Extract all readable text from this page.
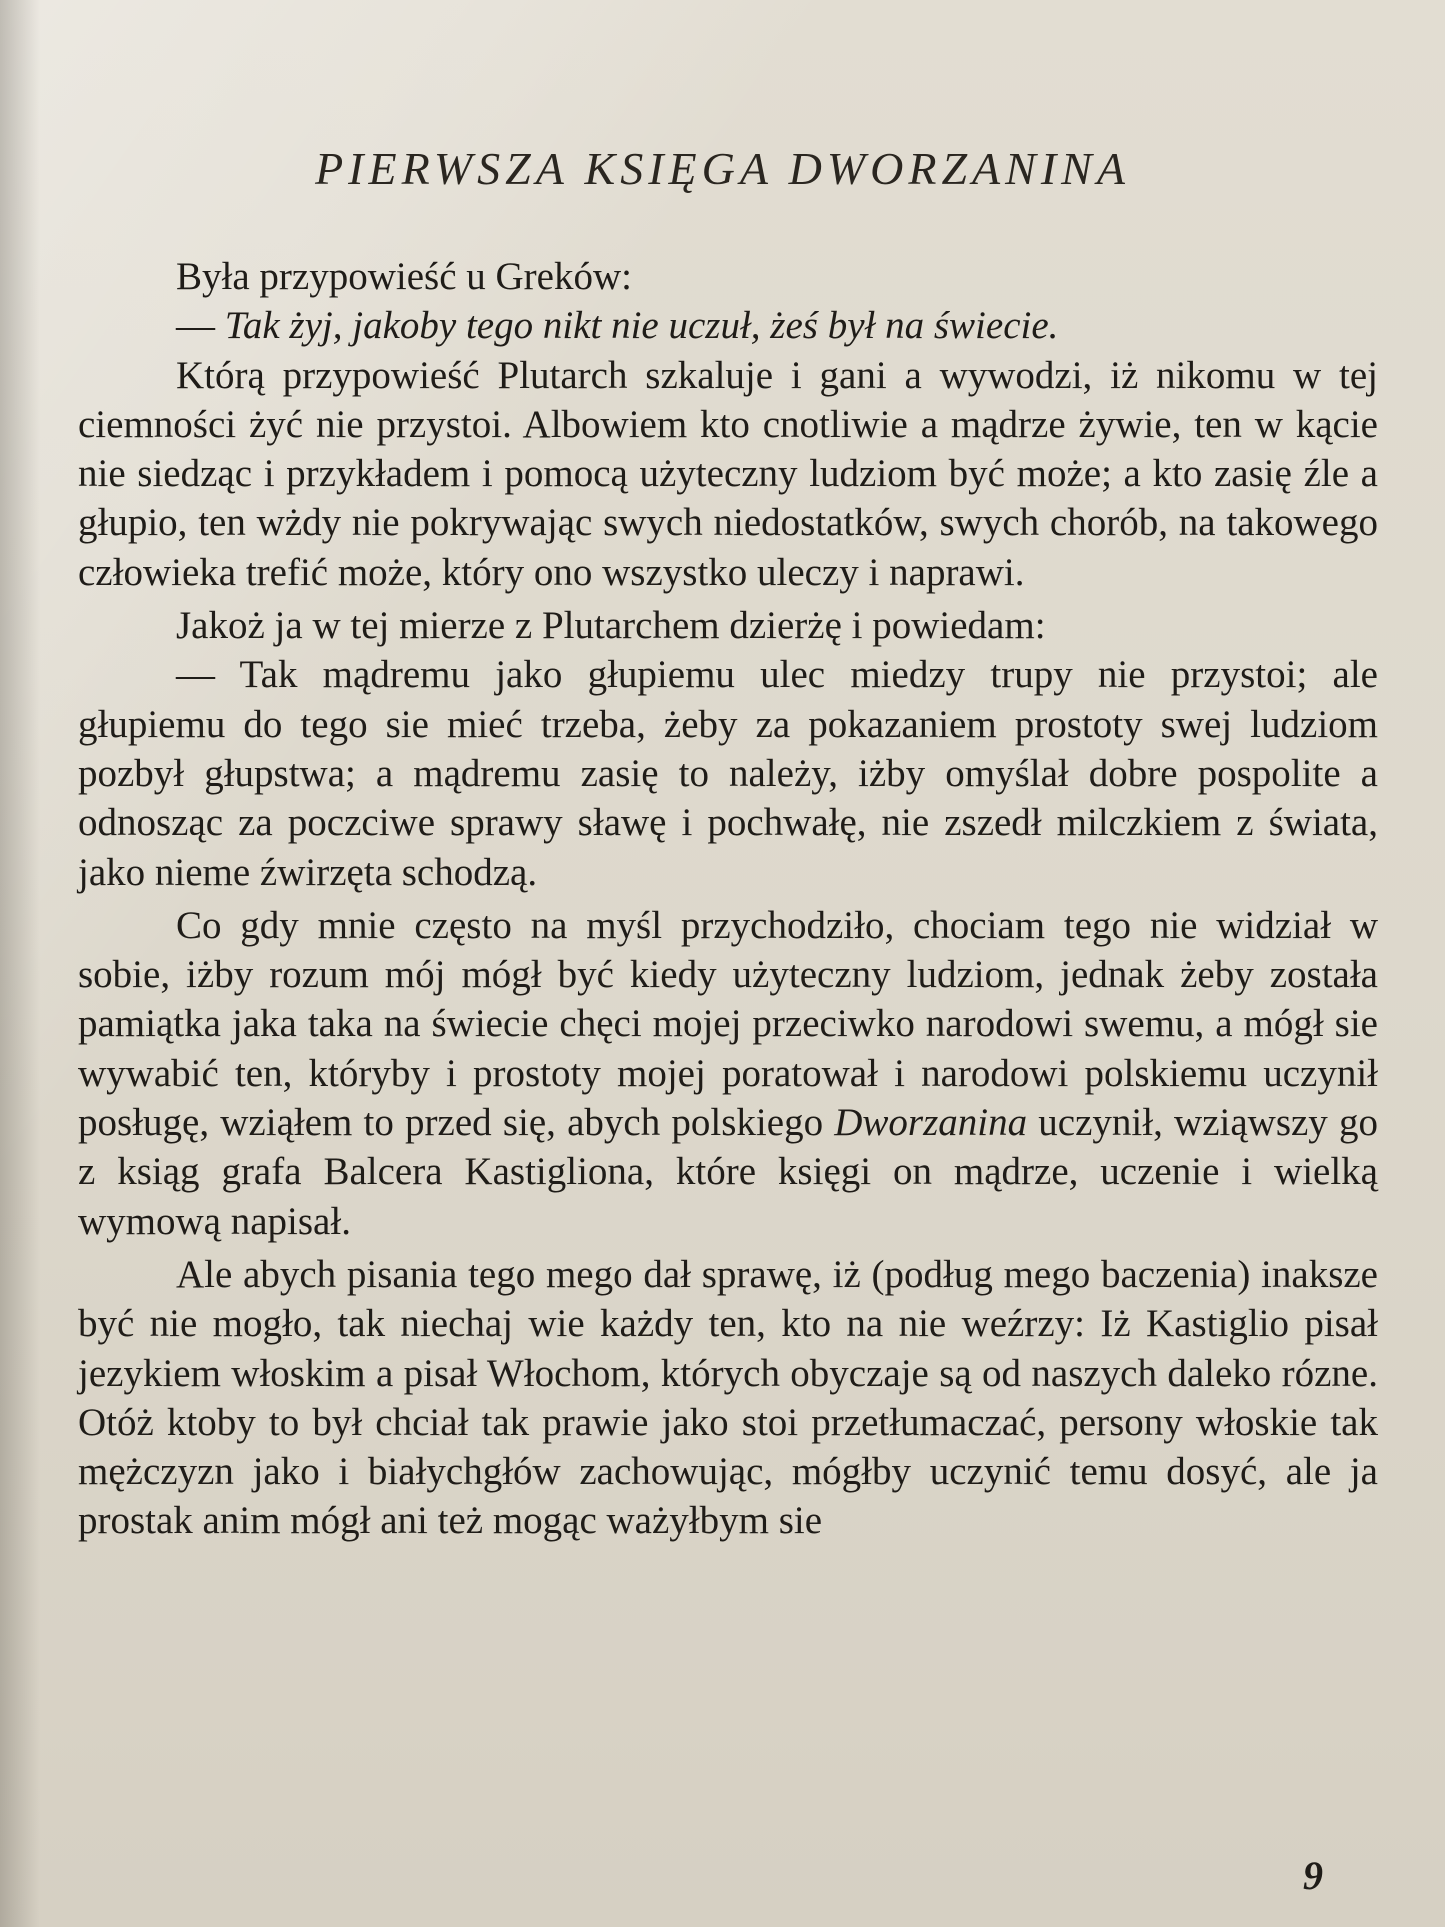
PIERWSZA KSIĘGA DWORZANINA

Była przypowieść u Greków:

— Tak żyj, jakoby tego nikt nie uczuł, żeś był na świecie.

Którą przypowieść Plutarch szkaluje i gani a wywodzi, iż nikomu w tej ciemności żyć nie przystoi. Albowiem kto cnotliwie a mądrze żywie, ten w kącie nie siedząc i przykładem i pomocą użyteczny ludziom być może; a kto zasię źle a głupio, ten wżdy nie pokrywając swych niedostatków, swych chorób, na takowego człowieka trefić może, który ono wszystko uleczy i naprawi.

Jakoż ja w tej mierze z Plutarchem dzierżę i powiedam:

— Tak mądremu jako głupiemu ulec miedzy trupy nie przystoi; ale głupiemu do tego sie mieć trzeba, żeby za pokazaniem prostoty swej ludziom pozbył głupstwa; a mądremu zasię to należy, iżby omyślał dobre pospolite a odnosząc za poczciwe sprawy sławę i pochwałę, nie zszedł milczkiem z świata, jako nieme źwirzęta schodzą.

Co gdy mnie często na myśl przychodziło, chociam tego nie widział w sobie, iżby rozum mój mógł być kiedy użyteczny ludziom, jednak żeby została pamiątka jaka taka na świecie chęci mojej przeciwko narodowi swemu, a mógł sie wywabić ten, któryby i prostoty mojej poratował i narodowi polskiemu uczynił posługę, wziąłem to przed się, abych polskiego Dworzanina uczynił, wziąwszy go z ksiąg grafa Balcera Kastigliona, które księgi on mądrze, uczenie i wielką wymową napisał.

Ale abych pisania tego mego dał sprawę, iż (podług mego baczenia) inaksze być nie mogło, tak niechaj wie każdy ten, kto na nie weźrzy: Iż Kastiglio pisał jezykiem włoskim a pisał Włochom, których obyczaje są od naszych daleko rózne. Otóż ktoby to był chciał tak prawie jako stoi przetłumaczać, persony włoskie tak mężczyzn jako i białychgłów zachowując, mógłby uczynić temu dosyć, ale ja prostak anim mógł ani też mogąc ważyłbym sie

9
